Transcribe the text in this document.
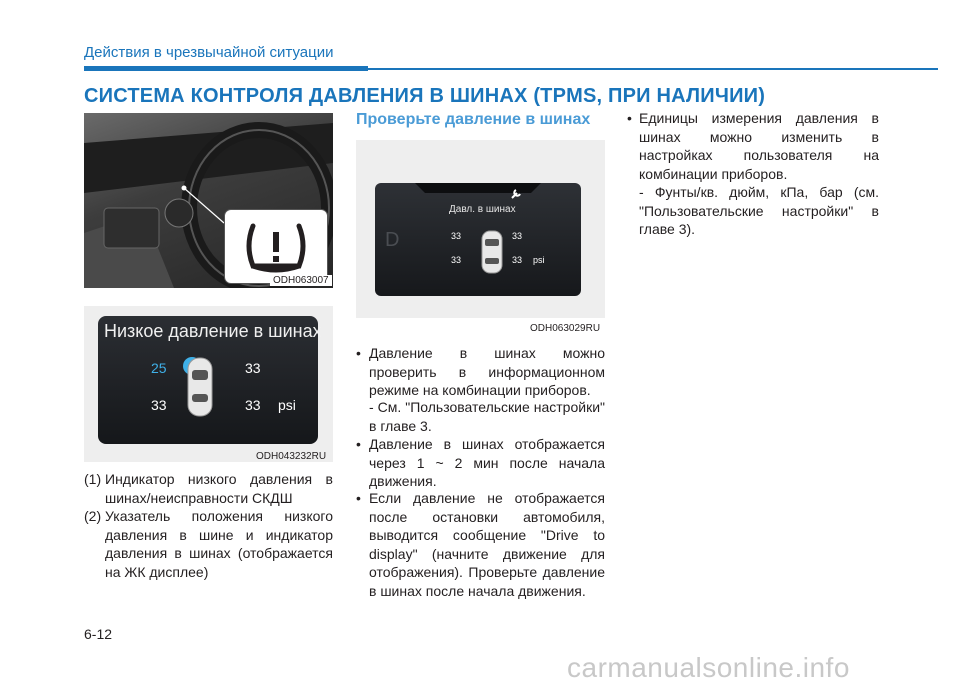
Действия в чрезвычайной ситуации
СИСТЕМА КОНТРОЛЯ ДАВЛЕНИЯ В ШИНАХ (TPMS, ПРИ НАЛИЧИИ)
ODH063007
Низкое давление в шинах
25	33
33	33 psi
ODH043232RU
(1) Индикатор низкого давления в шинах/неисправности СКДШ
(2) Указатель положения низкого давления в шине и индикатор давления в шинах (отображается на ЖК дисплее)
Проверьте давление в шинах
D
Давл. в шинах
33	33
33	33 psi
ODH063029RU
• Давление в шинах можно проверить в информационном режиме на комбинации приборов.
- См. "Пользовательские настройки" в главе 3.
• Давление в шинах отображается через 1 ~ 2 мин после начала движения.
• Если давление не отображается после остановки автомобиля, выводится сообщение "Drive to display" (начните движение для отображения). Проверьте давление в шинах после начала движения.
• Единицы измерения давления в шинах можно изменить в настройках пользователя на комбинации приборов.
- Фунты/кв. дюйм, кПа, бар (см. "Пользовательские настройки" в главе 3).
6-12
carmanualsonline.info
